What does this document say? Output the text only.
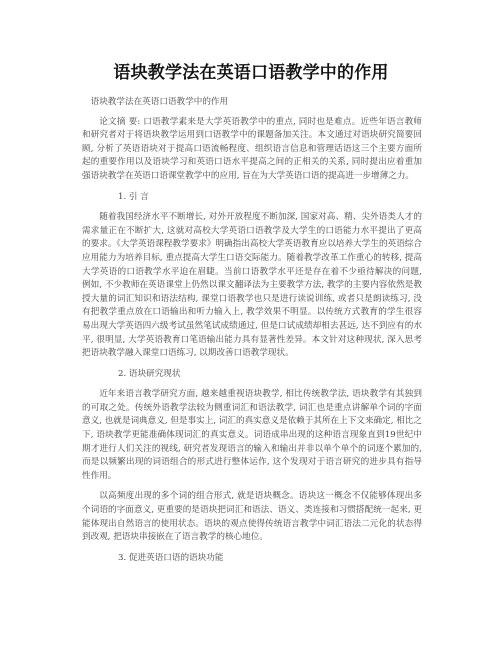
语块教学法在英语口语教学中的作用

语块教学法在英语口语教学中的作用

论文摘 要: 口语教学素来是大学英语教学中的重点, 同时也是难点。近些年语言教师和研究者对于将语块教学运用到口语教学中的课题备加关注。本文通过对语块研究简要回顾, 分析了英语语块对于提高口语流畅程度、组织语言信息和管理话语这三个主要方面所起的重要作用以及语块学习和英语口语水平提高之间的正相关的关系, 同时提出应着重加强语块教学在英语口语课堂教学中的应用, 旨在为大学英语口语的提高进一步增薄之力。

1. 引 言

随着我国经济水平不断增长, 对外开放程度不断加深, 国家对高、精、尖外语类人才的需求量正在不断扩大, 这就对高校大学英语口语教学及大学生的口语能力水平提出了更高的要求。《大学英语课程教学要求》明确指出高校大学英语教育应以培养大学生的英语综合应用能力为培养目标, 重点提高大学生口语交际能力。随着教学改革工作重心的转移, 提高大学英语的口语教学水平迫在眉睫。当前口语教学水平还是存在着不少亟待解决的问题, 例如, 不少教师在英语课堂上仍然以课文翻译法为主要教学方法, 教学的主要内容依然是教授大量的词汇知识和语法结构, 课堂口语教学也只是进行读说训练, 或者只是朗读练习, 没有把教学重点放在口语输出和听力输入上, 教学效果不明显。以传统方式教育的学生很容易出现大学英语四六级考试虽然笔试成绩通过, 但是口试成绩却相去甚远, 达不到应有的水平, 很明显, 大学英语教育口笔语输出能力具有显著性差异。本文针对这种现状, 深入思考把语块教学融入课堂口语练习, 以期改善口语教学现状。

2. 语块研究现状

近年来语言教学研究方面, 越来越重视语块教学, 相比传统教学法, 语块教学有其独到的可取之处。传统外语教学法较为侧重词汇和语法教学, 词汇也是重点讲解单个词的字面意义, 也就是词典意义, 但是事实上, 词汇的真实意义是依赖于其所在上下文来确定, 相比之下, 语块教学更能准确体现词汇的真实意义。词语成串出现的这种语言现象直到19世纪中期才进行人们关注的视线, 研究者发现语言的输入和输出并非以单个单个的词逐个累加的, 而是以频繁出现的词语组合的形式进行整体运作, 这个发现对于语言研究的进步具有指导性作用。

以高频度出现的多个词的组合形式, 就是语块概念。语块这一概念不仅能够体现出多个词语的字面意义, 更重要的是语块把词汇和语法、语义、类连接和习惯搭配统一起来, 更能体现出自然语言的使用状态。语块的观点使得传统语言教学中词汇语法二元化的状态得到改观, 把语块串接嵌在了语言教学的核心地位。

3. 促进英语口语的语块功能
